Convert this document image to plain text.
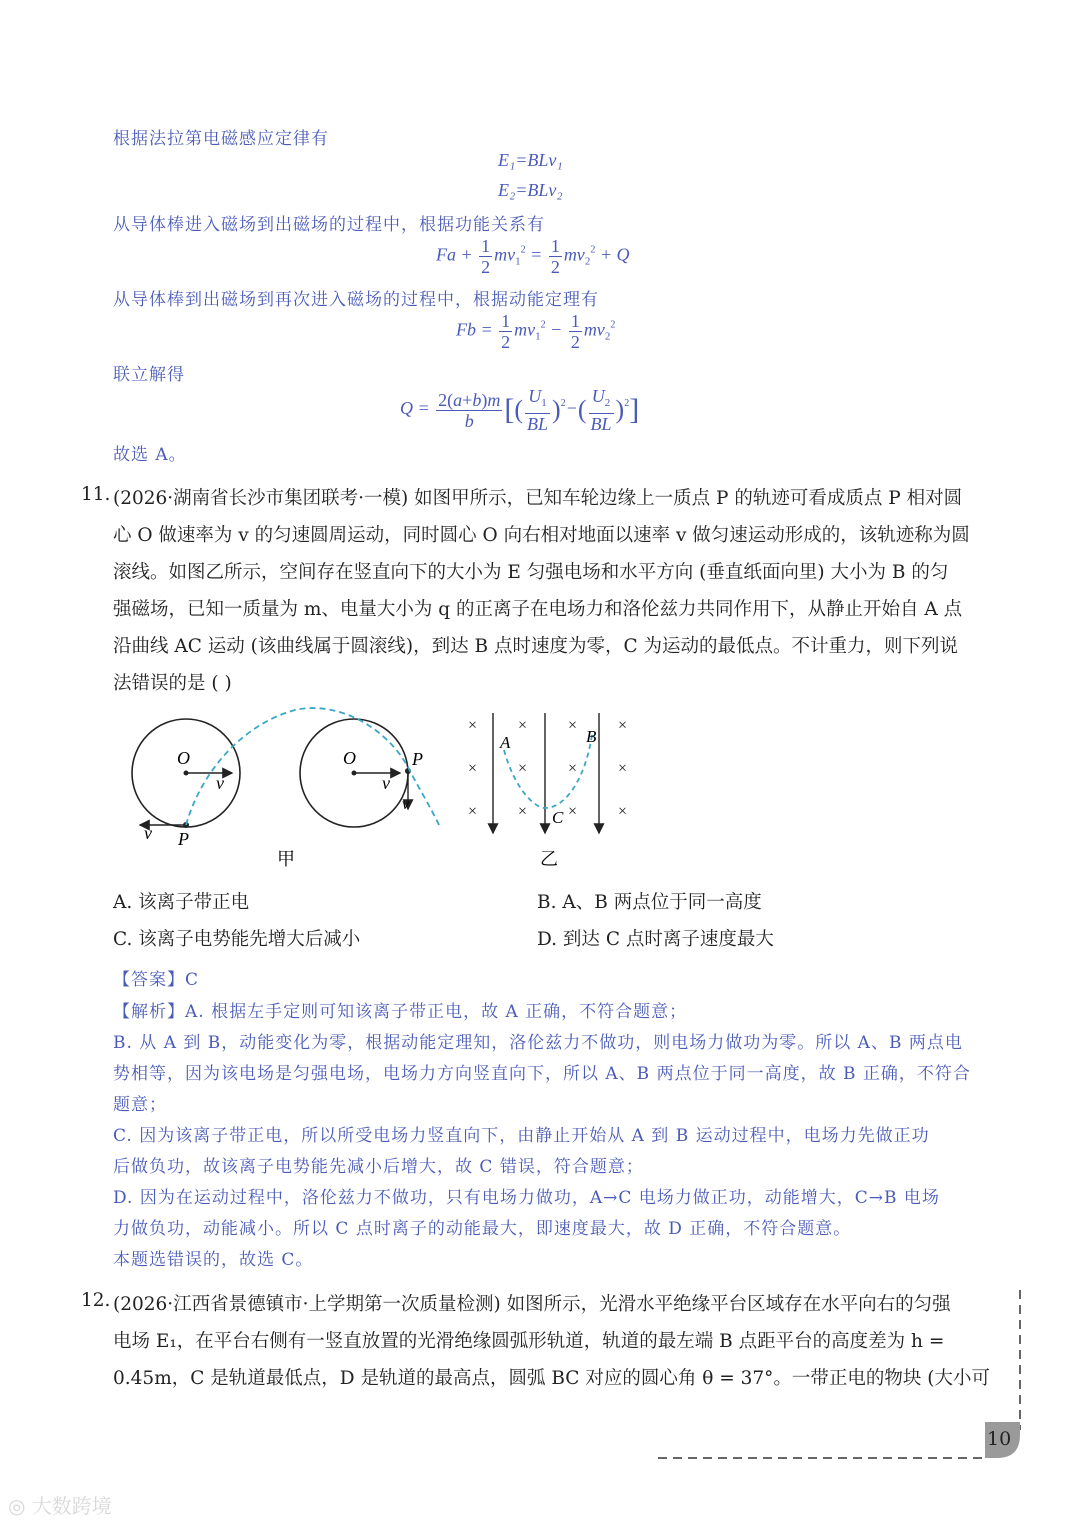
根据法拉第电磁感应定律有
E₁=BLv₁
E₂=BLv₂
从导体棒进入磁场到出磁场的过程中，根据功能关系有
$Fa + \frac{1}{2} mv_1^2 = \frac{1}{2} mv_2^2 + Q$
从导体棒到出磁场到再次进入磁场的过程中，根据动能定理有
$Fb = \frac{1}{2} mv_1^2 - \frac{1}{2} mv_2^2$
联立解得
$Q = \frac{2(a+b)m}{b}$ [( $\frac{U_1}{BL} )^2-( \frac{U_2}{BL} )^2$]
故选 A。
11. (2026·湖南省长沙市集团联考·一模) 如图甲所示，已知车轮边缘上一质点 P 的轨迹可看成质点 P 相对圆
心 O 做速率为 v 的匀速圆周运动，同时圆心 O 向右相对地面以速率 v 做匀速运动形成的，该轨迹称为圆
滚线。如图乙所示，空间存在竖直向下的大小为 E 匀强电场和水平方向 (垂直纸面向里) 大小为 B 的匀
强磁场，已知一质量为 m、电量大小为 q 的正离子在电场力和洛伦兹力共同作用下，从静止开始自 A 点
沿曲线 AC 运动 (该曲线属于圆滚线)，到达 B 点时速度为零，C 为运动的最低点。不计重力，则下列说
法错误的是 ( )
O
v
P
v
O
v
P
v
甲
×	×	×	×
×	×	×	×
×	×	×	×
A	B
C
乙
A. 该离子带正电	B. A、B 两点位于同一高度
C. 该离子电势能先增大后减小	D. 到达 C 点时离子速度最大
【答案】C
【解析】A. 根据左手定则可知该离子带正电，故 A 正确，不符合题意；
B. 从 A 到 B，动能变化为零，根据动能定理知，洛伦兹力不做功，则电场力做功为零。所以 A、B 两点电
势相等，因为该电场是匀强电场，电场力方向竖直向下，所以 A、B 两点位于同一高度，故 B 正确，不符合
题意；
C. 因为该离子带正电，所以所受电场力竖直向下，由静止开始从 A 到 B 运动过程中，电场力先做正功
后做负功，故该离子电势能先减小后增大，故 C 错误，符合题意；
D. 因为在运动过程中，洛伦兹力不做功，只有电场力做功，A→C 电场力做正功，动能增大，C→B 电场
力做负功，动能减小。所以 C 点时离子的动能最大，即速度最大，故 D 正确，不符合题意。
本题选错误的，故选 C。
12. (2026·江西省景德镇市·上学期第一次质量检测) 如图所示，光滑水平绝缘平台区域存在水平向右的匀强
电场 E₁，在平台右侧有一竖直放置的光滑绝缘圆弧形轨道，轨道的最左端 B 点距平台的高度差为 h =
0.45m，C 是轨道最低点，D 是轨道的最高点，圆弧 BC 对应的圆心角 θ = 37°。一带正电的物块 (大小可
10
◎ 大数跨境
